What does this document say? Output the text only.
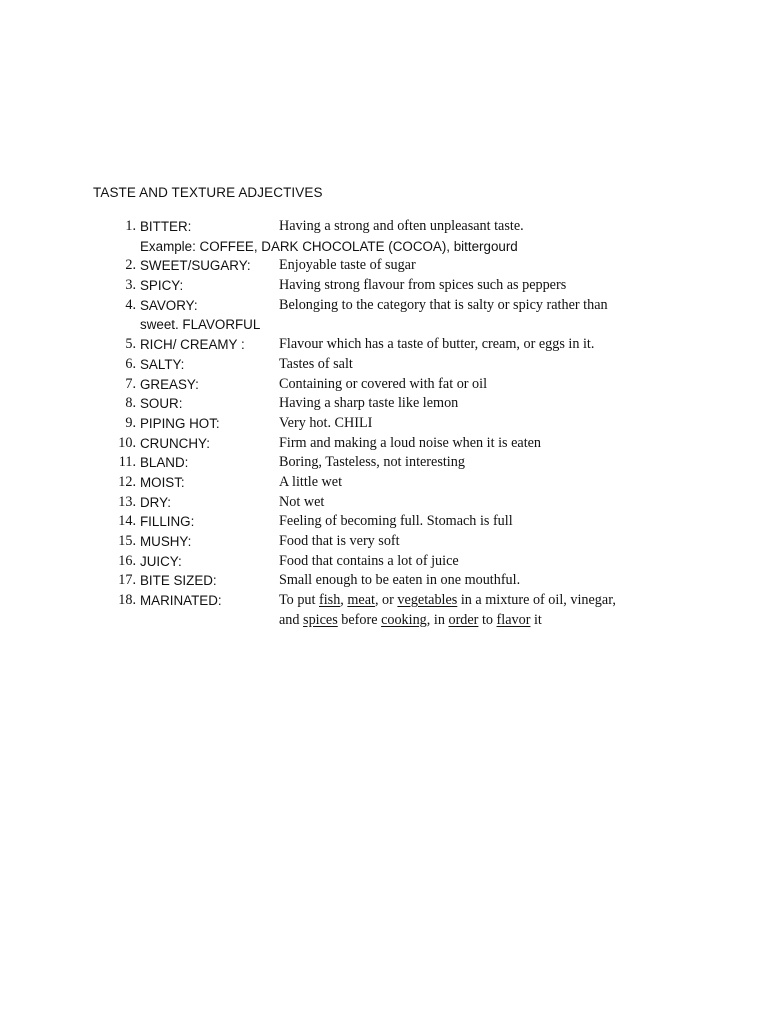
TASTE AND TEXTURE ADJECTIVES
1. BITTER:	Having a strong and often unpleasant taste.
Example: COFFEE, DARK CHOCOLATE (COCOA), bittergourd
2. SWEET/SUGARY: Enjoyable taste of sugar
3. SPICY:	Having strong flavour from spices such as peppers
4. SAVORY:	Belonging to the category that is salty or spicy rather than
sweet. FLAVORFUL
5. RICH/ CREAMY : Flavour which has a taste of butter, cream, or eggs in it.
6. SALTY:	Tastes of salt
7. GREASY:	Containing or covered with fat or oil
8. SOUR:	Having a sharp taste like lemon
9. PIPING HOT:	Very hot. CHILI
10. CRUNCHY:	Firm and making a loud noise when it is eaten
11. BLAND:	Boring, Tasteless, not interesting
12. MOIST:	A little wet
13. DRY:	Not wet
14. FILLING:	Feeling of becoming full. Stomach is full
15. MUSHY:	Food that is very soft
16. JUICY:	Food that contains a lot of juice
17. BITE SIZED:	Small enough to be eaten in one mouthful.
18. MARINATED:	To put fish, meat, or vegetables in a mixture of oil, vinegar,
and spices before cooking, in order to flavor it
